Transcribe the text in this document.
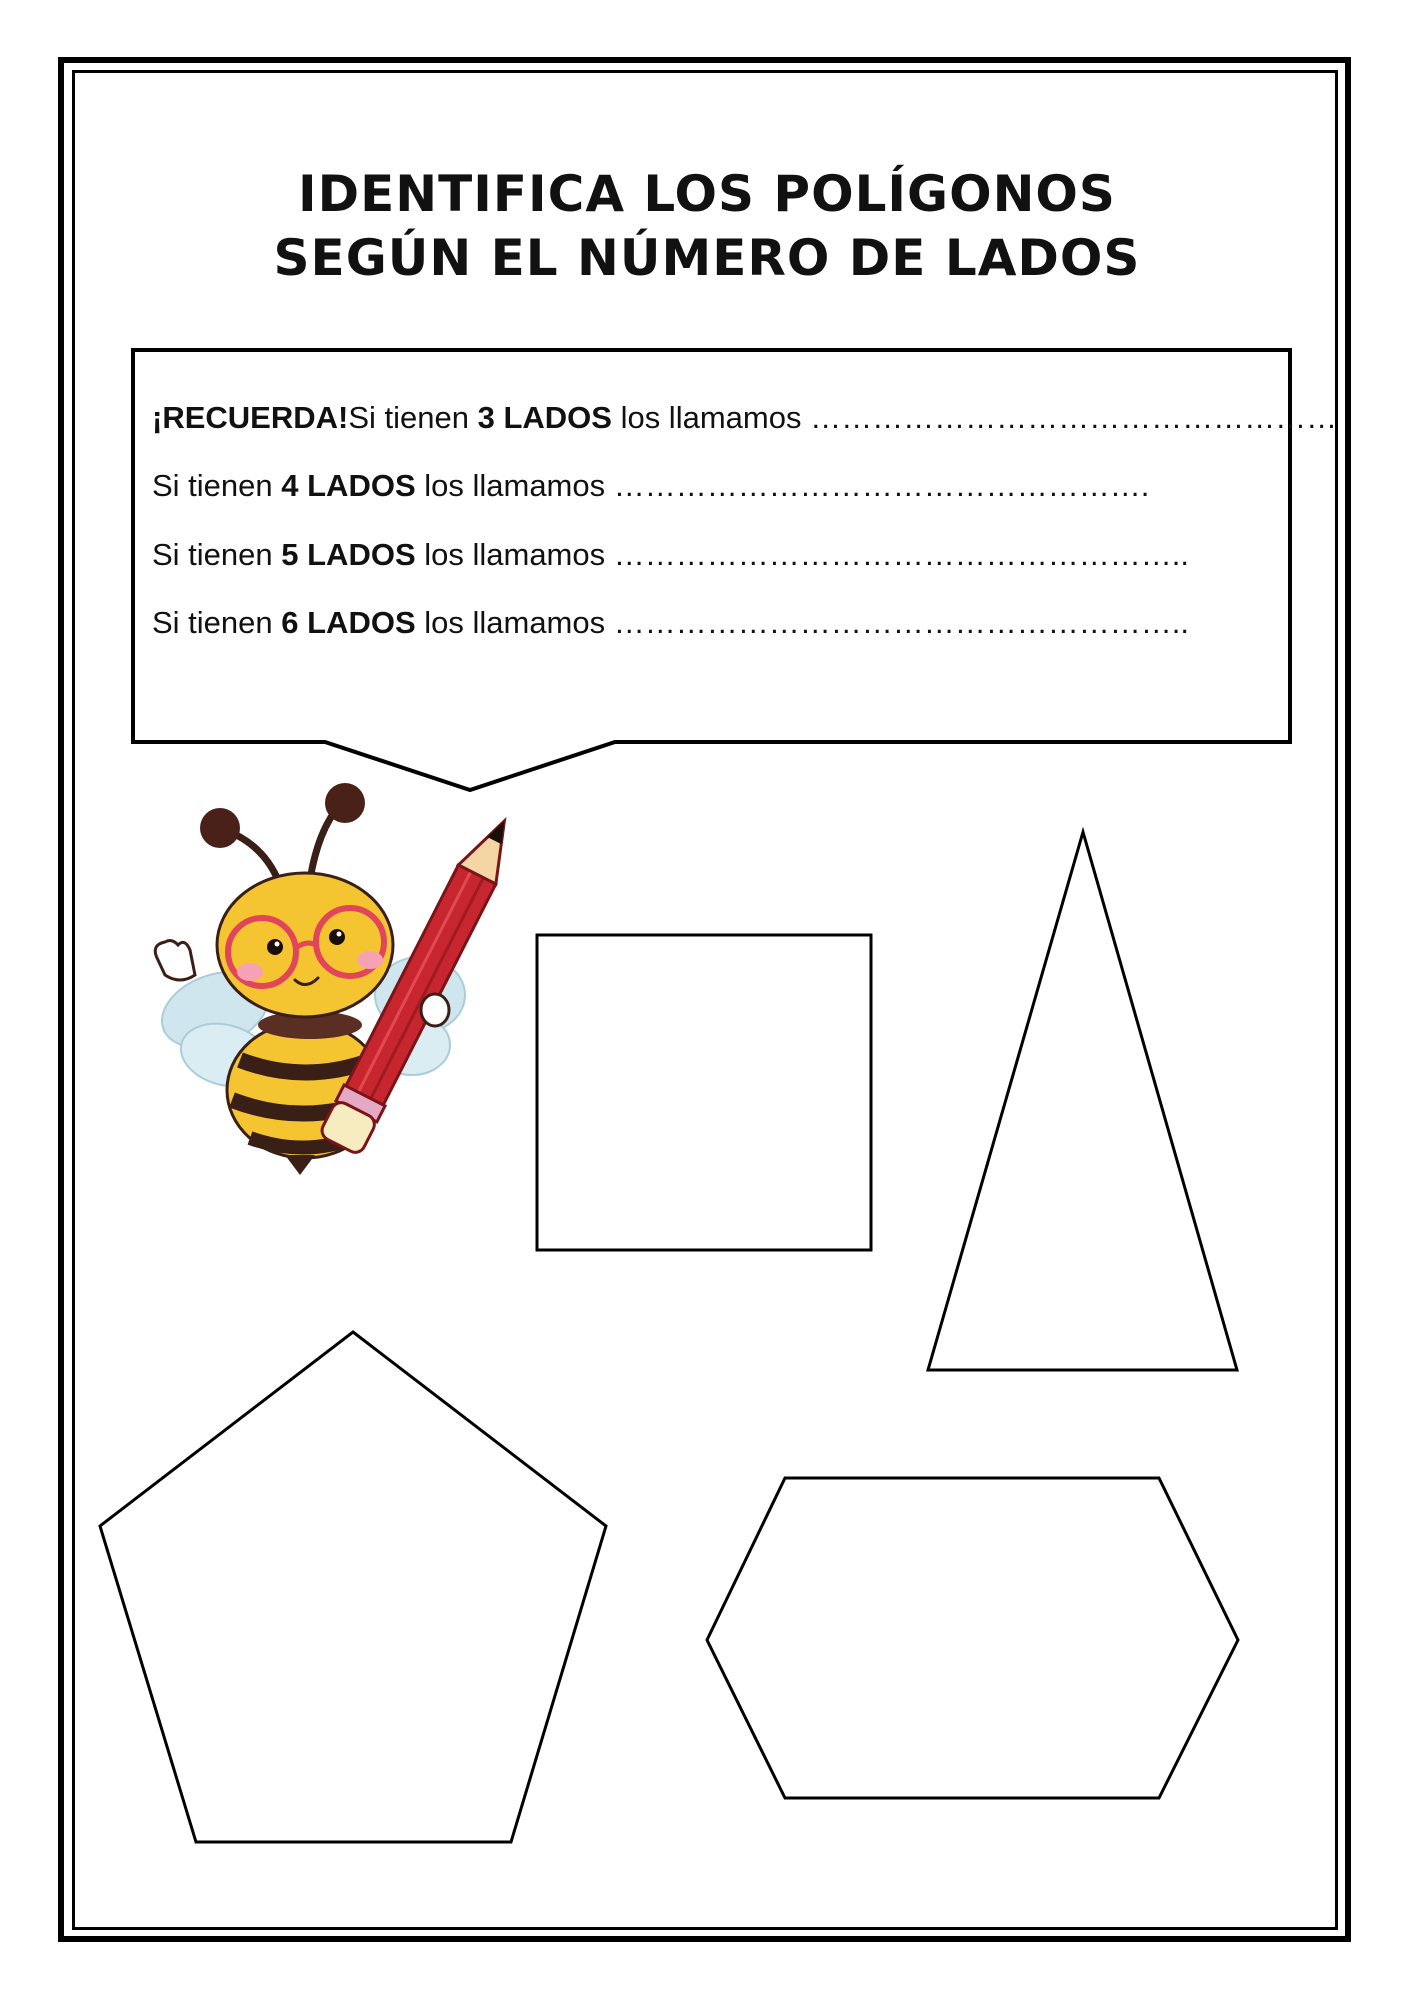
IDENTIFICA LOS POLÍGONOS
SEGÚN EL NÚMERO DE LADOS
¡RECUERDA!Si tienen 3 LADOS los llamamos ……………………………………………
Si tienen 4 LADOS los llamamos …………………………………………….
Si tienen 5 LADOS los llamamos ………………………………………………..
Si tienen 6 LADOS los llamamos ………………………………………………..
